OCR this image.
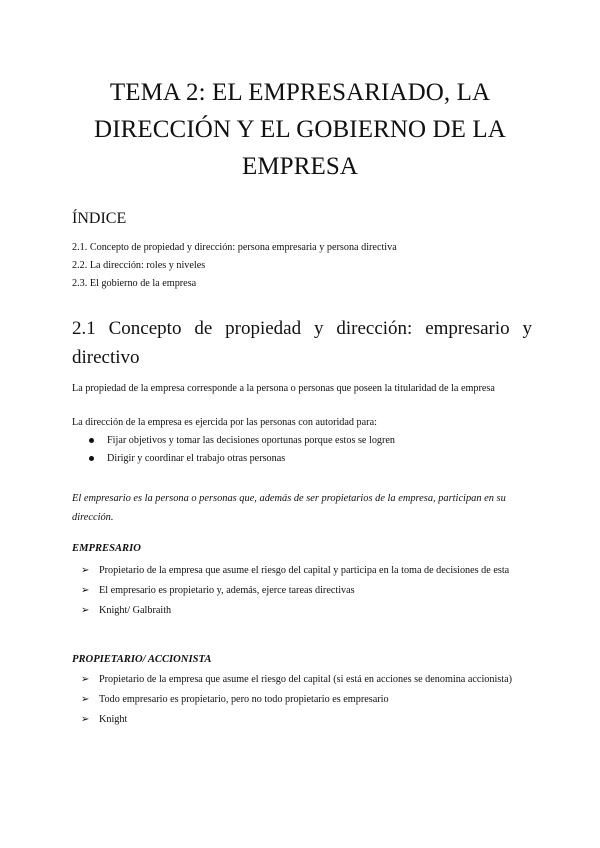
TEMA 2: EL EMPRESARIADO, LA
DIRECCIÓN Y EL GOBIERNO DE LA
EMPRESA
ÍNDICE
2.1. Concepto de propiedad y dirección: persona empresaria y persona directiva
2.2. La dirección: roles y niveles
2.3. El gobierno de la empresa
2.1 Concepto de propiedad y dirección: empresario y directivo

La propiedad de la empresa corresponde a la persona o personas que poseen la titularidad de la empresa

La dirección de la empresa es ejercida por las personas con autoridad para:

Fijar objetivos y tomar las decisiones oportunas porque estos se logren
Dirigir y coordinar el trabajo otras personas

El empresario es la persona o personas que, además de ser propietarios de la empresa, participan en su dirección.

EMPRESARIO
➢ Propietario de la empresa que asume el riesgo del capital y participa en la toma de decisiones de esta
➢ El empresario es propietario y, además, ejerce tareas directivas
➢ Knight/ Galbraith
PROPIETARIO/ ACCIONISTA
➢ Propietario de la empresa que asume el riesgo del capital (si está en acciones se denomina accionista)
➢ Todo empresario es propietario, pero no todo propietario es empresario
➢ Knight
